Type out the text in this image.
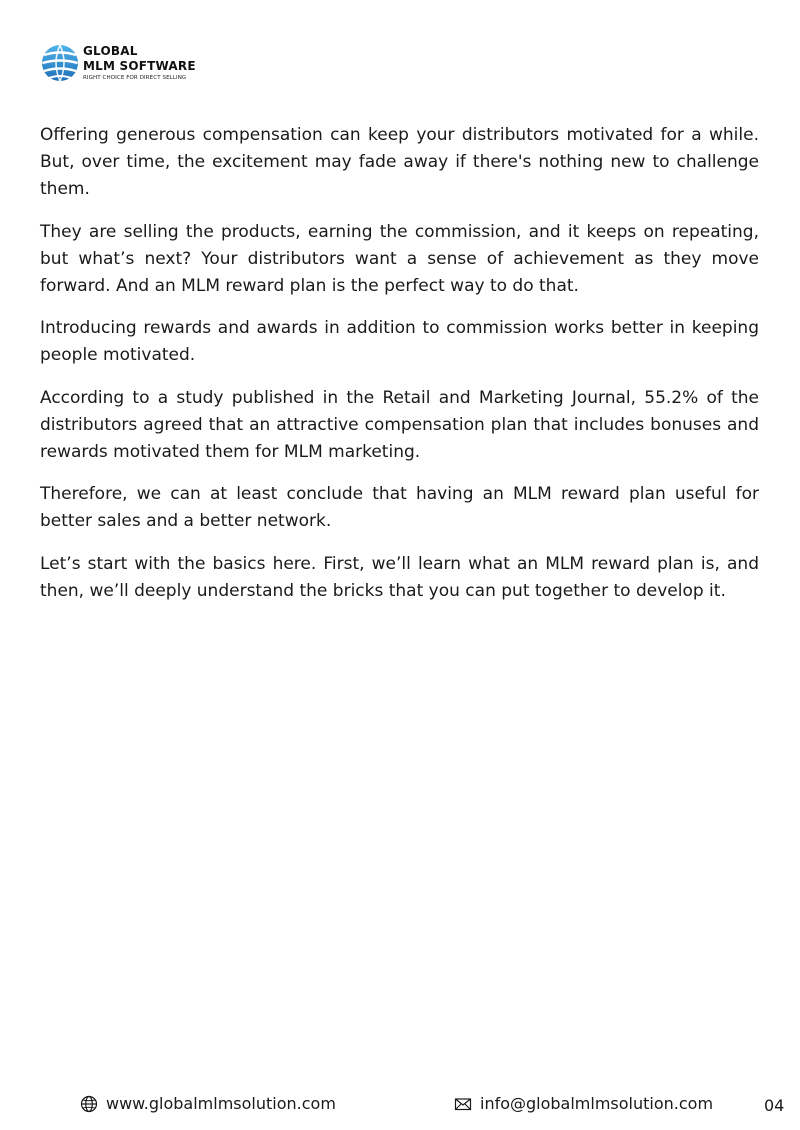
GLOBAL
MLM SOFTWARE
RIGHT CHOICE FOR DIRECT SELLING

Offering generous compensation can keep your distributors motivated for a while. But, over time, the excitement may fade away if there's nothing new to challenge them.

They are selling the products, earning the commission, and it keeps on repeating, but what’s next? Your distributors want a sense of achievement as they move forward. And an MLM reward plan is the perfect way to do that.

Introducing rewards and awards in addition to commission works better in keeping people motivated.

According to a study published in the Retail and Marketing Journal, 55.2% of the distributors agreed that an attractive compensation plan that includes bonuses and rewards motivated them for MLM marketing.

Therefore, we can at least conclude that having an MLM reward plan useful for better sales and a better network.

Let’s start with the basics here. First, we’ll learn what an MLM reward plan is, and then, we’ll deeply understand the bricks that you can put together to develop it.

www.globalmlmsolution.com	info@globalmlmsolution.com	04
